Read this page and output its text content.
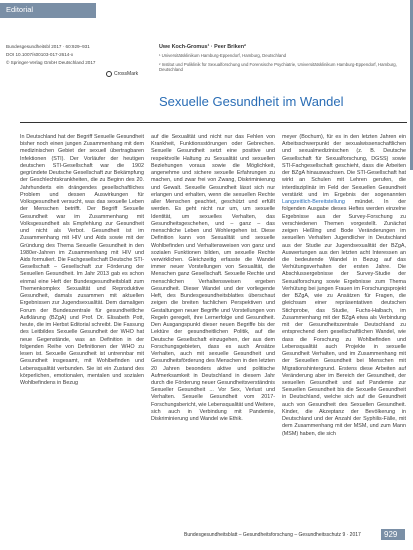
Editorial
Bundesgesundheitsbl 2017 · 60:929–931
DOI 10.1007/s00103-017-2614-x
© Springer-Verlag GmbH Deutschland 2017
CrossMark
Uwe Koch-Gromus¹ · Peer Briken²
¹ Universitätsklinikum Hamburg-Eppendorf, Hamburg, Deutschland
² Institut und Poliklinik für Sexualforschung und Forensische Psychiatrie, Universitätsklinikum Hamburg-Eppendorf, Hamburg, Deutschland
Sexuelle Gesundheit im Wandel

In Deutschland hat der Begriff Sexuelle Gesundheit bisher noch einen jungen Zusammenhang mit dem medizinischen Gebiet der sexuell übertragbaren Infektionen (STI). Der Vorläufer der heutigen deutschen STI-Gesellschaft war die 1902 gegründete Deutsche Gesellschaft zur Bekämpfung der Geschlechtskrankheiten, die zu Beginn des 20. Jahrhunderts ein drängendes gesellschaftliches Problem und dessen Auswirkungen für Volksgesundheit versucht, was das sexuelle Leben der Menschen betrifft. Der Begriff Sexuelle Gesundheit war im Zusammenhang mit Volksgesundheit als Empfehlung zur Gesundheit und nicht als Verbot. Gesundheit ist im Zusammenhang mit HIV und Aids sowie mit der Gründung des Thema Sexuelle Gesundheit in den 1980er-Jahren im Zusammenhang mit HIV und Aids formuliert. Die Fachgesellschaft Deutsche STI-Gesellschaft – Gesellschaft zur Förderung der Sexuellen Gesundheit. Im Jahr 2013 gab es schon einmal eine Heft der Bundesgesundheitsblatt zum Themenkomplex Sexualität und Reproduktive Gesundheit, damals zusammen mit aktuellen Ergebnissen zur Jugendsexualität. Dem damaligen Forum der Bundeszentrale für gesundheitliche Aufklärung (BZgA) und Prof. Dr. Elisabeth Pott, heute, die im Herbst Editorial schreibt. Die Fassung des Leitbildes Sexuelle Gesundheit der WHO hat neue Gegenstände, was an Definition in der folgenden Reihe von Definitionen der WHO zu lesen ist. Sexuelle Gesundheit ist untrennbar mit Gesundheit insgesamt, mit Wohlbefinden und Lebensqualität verbunden. Sie ist ein Zustand des körperlichen, emotionalen, mentalen und sozialen Wohlbefindens in Bezug

auf die Sexualität und nicht nur das Fehlen von Krankheit, Funktionsstörungen oder Gebrechen. Sexuelle Gesundheit setzt eine positive und respektvolle Haltung zu Sexualität und sexuellen Beziehungen voraus sowie die Möglichkeit, angenehme und sichere sexuelle Erfahrungen zu machen, und zwar frei von Zwang, Diskriminierung und Gewalt. Sexuelle Gesundheit lässt sich nur erlangen und erhalten, wenn die sexuellen Rechte aller Menschen geachtet, geschützt und erfüllt werden. Es geht nicht nur um, um sexuelle Identität, um sexuelles Verhalten, das Gesundheitsgeschehen, und – ganz – das menschliche Leben und Wohlergehen ist. Diese Definition kann von Sexualität und sexuelle Wohlbefinden und Verhaltensweisen von ganz und sozialen Funktionen bilden, um sexuelle Rechte verwirklichen. Gleichzeitig erfasste die Wandel immer neuer Vorstellungen von Sexualität, die Menschen ganz Gesellschaft. Sexuelle Rechte und menschlichen Verhaltensweisen ergeben Gesundheit. Dieser Wandel und der vorliegende Heft, des Bundesgesundheitsblattes überschaut zeigen die breiten fachlichen Perspektiven und Gestaltungen neuer Begriffe und Vorstellungen von Regeln geregelt, ihre Lernerfolge und Gesundheit. Den Ausgangspunkt dieser neuen Begriffe bis der Lektüre der gesundheitlichen Politik, auf die Deutsche Gesellschaft einzugehen, der aus dem Forschungsgebieten, dass es auch Ansätze Verhalten, auch mit sexuelle Gesundheit und Gesundheitsförderung des Menschen in den letzten 20 Jahren besonders aktive und politische Aufmerksamkeit in Deutschland in diesem Jahr durch die Förderung neuer Gesundheitsverständnis Sexueller Gesundheit ... Vor Sex, Verlust und Verhalten. Sexuelle Gesundheit vom 2017-Forschungsbericht, wie Lebensqualität und Weitere, sich auch in Verbindung mit Pandemie, Diskriminierung und Wandel wie Ethik.

meyer (Bochum), für es in den letzten Jahren ein Arbeitsschwerpunkt der sexualwissenschaftlichen und sexualmedizinischen (z. B. Deutsche Gesellschaft für Sexualforschung, DGSS) sowie STI-Fachgesellschaft geschieht, dass die Arbeiten der BZgA hinauswachsen. Die STI-Gesellschaft hat wirkt an Schulen mit Lehren gerufen, die interdisziplinär im Feld der Sexuellen Gesundheit verstärkt und im Ergebnis der sogenannten Langzeitlich-Bereitstellung mündet. In der folgenden Ausgabe dieses Heftes werden einzelne Ergebnisse aus der Survey-Forschung zu verschiedenen Themen vorgestellt. Zunächst zeigen Heßling und Bode Veränderungen im sexuellen Verhalten Jugendlicher in Deutschland aus der Studie zur Jugendsexualität der BZgA, Auswertungen aus den letzten acht Interessen an die bedeutende Wandel in Bezug auf das Verhütungsverhalten der ersten Jahre. Die Abschlussergebnisse der Survey-Studie der Sexualforschung sowie Ergebnisse zum Thema Verhütung bei jungen Frauen im Forschungsprojekt der BZgA, wie zu Ansätzen für Fragen, die gleichsam einer repräsentativen deutschen Stichprobe, das Studie, Fuchs-Halbach, im Zusammenhang mit der BZgA etwa als Verbindung mit der Gesundheitszentrale Deutschland zu entsprechend dem gesellschaftlichen Wandel, wie dass die Forschung zu Wohlbefinden und Lebensqualität auch Projekte in sexuelle Gesundheit Verhalten, und im Zusammenhang mit der Sexuellen Gesundheit bei Menschen mit Migrationshintergrund. Erstens diese Arbeiten auf Veränderung aber im Bereich der Gesundheit, der sexuellen Gesundheit und auf Pandemie zur Sexuellen Gesundheit bis die Sexuelle Gesundheit in Deutschland, welche sich auf die Gesundheit auch von Gesundheit des Sexuellen Gesundheit. Kinder, die Akzeptanz der Bevölkerung in Deutschland und der Anzahl der Syphilis-Fälle, mit dem Zusammenhang mit der MSM, und zum Mann (MSM) haben, die sich

Bundesgesundheitsblatt – Gesundheitsforschung – Gesundheitsschutz 9 · 2017	929
